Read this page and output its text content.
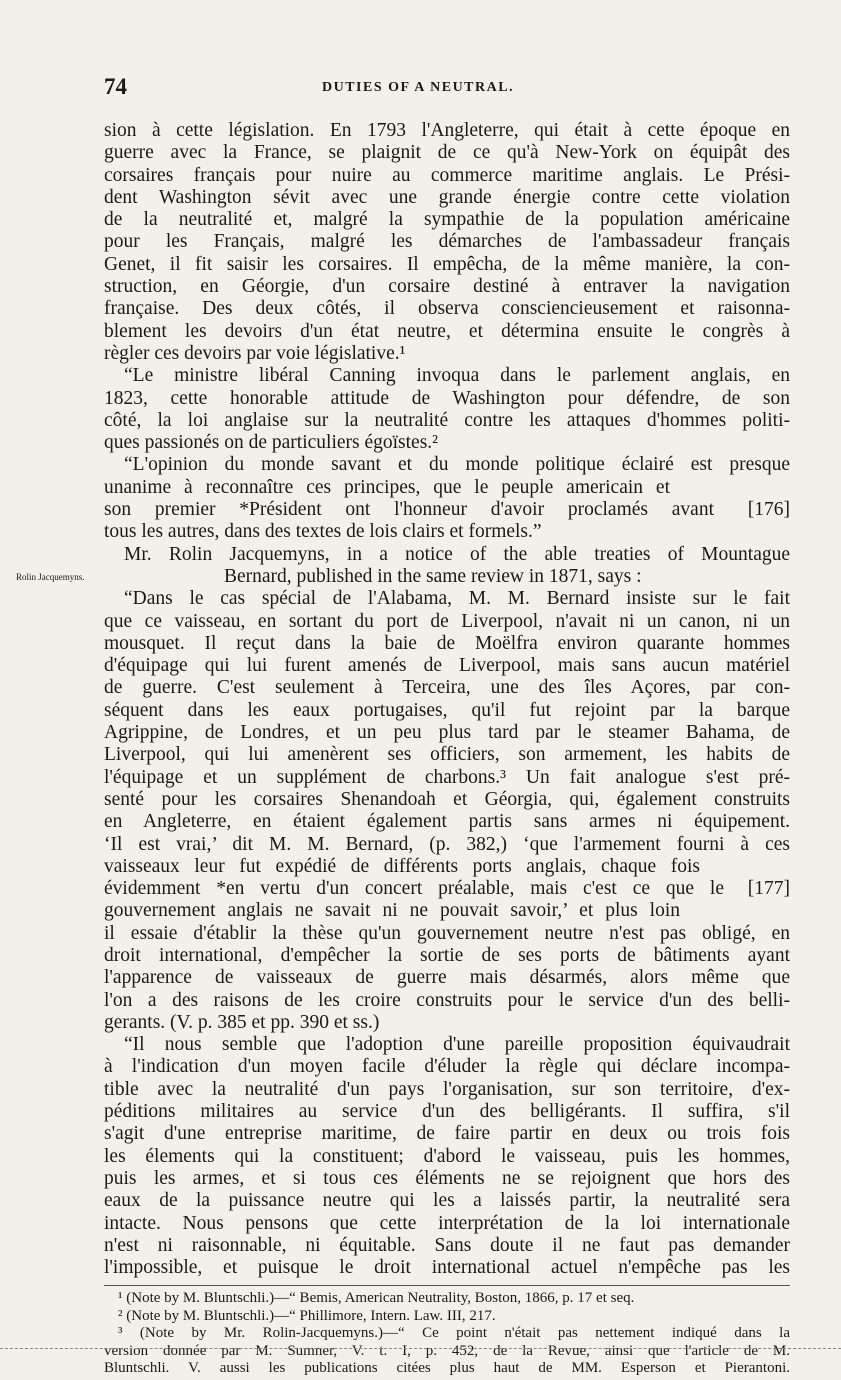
74	DUTIES OF A NEUTRAL.
sion à cette législation. En 1793 l'Angleterre, qui était à cette époque en
guerre avec la France, se plaignit de ce qu'à New-York on équipât des
corsaires français pour nuire au commerce maritime anglais. Le Prési-
dent Washington sévit avec une grande énergie contre cette violation
de la neutralité et, malgré la sympathie de la population américaine
pour les Français, malgré les démarches de l'ambassadeur français
Genet, il fit saisir les corsaires. Il empêcha, de la même manière, la con-
struction, en Géorgie, d'un corsaire destiné à entraver la navigation
française. Des deux côtés, il observa consciencieusement et raisonna-
blement les devoirs d'un état neutre, et détermina ensuite le congrès à
règler ces devoirs par voie législative.¹
“Le ministre libéral Canning invoqua dans le parlement anglais, en
1823, cette honorable attitude de Washington pour défendre, de son
côté, la loi anglaise sur la neutralité contre les attaques d'hommes politi-
ques passionés on de particuliers égoïstes.²
“L'opinion du monde savant et du monde politique éclairé est presque
unanime à reconnaître ces principes, que le peuple americain et
son premier *Président ont l'honneur d'avoir proclamés avant	[176]
tous les autres, dans des textes de lois clairs et formels.”
Mr. Rolin Jacquemyns, in a notice of the able treaties of Mountague
Rolin Jacquemyns.	Bernard, published in the same review in 1871, says :
“Dans le cas spécial de l'Alabama, M. M. Bernard insiste sur le fait
que ce vaisseau, en sortant du port de Liverpool, n'avait ni un canon, ni un
mousquet. Il reçut dans la baie de Moëlfra environ quarante hommes
d'équipage qui lui furent amenés de Liverpool, mais sans aucun matériel
de guerre. C'est seulement à Terceira, une des îles Açores, par con-
séquent dans les eaux portugaises, qu'il fut rejoint par la barque
Agrippine, de Londres, et un peu plus tard par le steamer Bahama, de
Liverpool, qui lui amenèrent ses officiers, son armement, les habits de
l'équipage et un supplément de charbons.³ Un fait analogue s'est pré-
senté pour les corsaires Shenandoah et Géorgia, qui, également construits
en Angleterre, en étaient également partis sans armes ni équipement.
‘Il est vrai,’ dit M. M. Bernard, (p. 382,) ‘que l'armement fourni à ces
vaisseaux leur fut expédié de différents ports anglais, chaque fois
évidemment *en vertu d'un concert préalable, mais c'est ce que le	[177]
gouvernement anglais ne savait ni ne pouvait savoir,’ et plus loin
il essaie d'établir la thèse qu'un gouvernement neutre n'est pas obligé, en
droit international, d'empêcher la sortie de ses ports de bâtiments ayant
l'apparence de vaisseaux de guerre mais désarmés, alors même que
l'on a des raisons de les croire construits pour le service d'un des belli-
gerants. (V. p. 385 et pp. 390 et ss.)
“Il nous semble que l'adoption d'une pareille proposition équivaudrait
à l'indication d'un moyen facile d'éluder la règle qui déclare incompa-
tible avec la neutralité d'un pays l'organisation, sur son territoire, d'ex-
péditions militaires au service d'un des belligérants. Il suffira, s'il
s'agit d'une entreprise maritime, de faire partir en deux ou trois fois
les élements qui la constituent; d'abord le vaisseau, puis les hommes,
puis les armes, et si tous ces éléments ne se rejoignent que hors des
eaux de la puissance neutre qui les a laissés partir, la neutralité sera
intacte. Nous pensons que cette interprétation de la loi internationale
n'est ni raisonnable, ni équitable. Sans doute il ne faut pas demander
l'impossible, et puisque le droit international actuel n'empêche pas les
¹ (Note by M. Bluntschli.)—“ Bemis, American Neutrality, Boston, 1866, p. 17 et seq.
² (Note by M. Bluntschli.)—“ Phillimore, Intern. Law. III, 217.
³ (Note by Mr. Rolin-Jacquemyns.)—“ Ce point n'était pas nettement indiqué dans la
version donnée par M. Sumner, V. t. I, p. 452, de la Revue, ainsi que l'article de M.
Bluntschli. V. aussi les publications citées plus haut de MM. Esperson et Pierantoni.
